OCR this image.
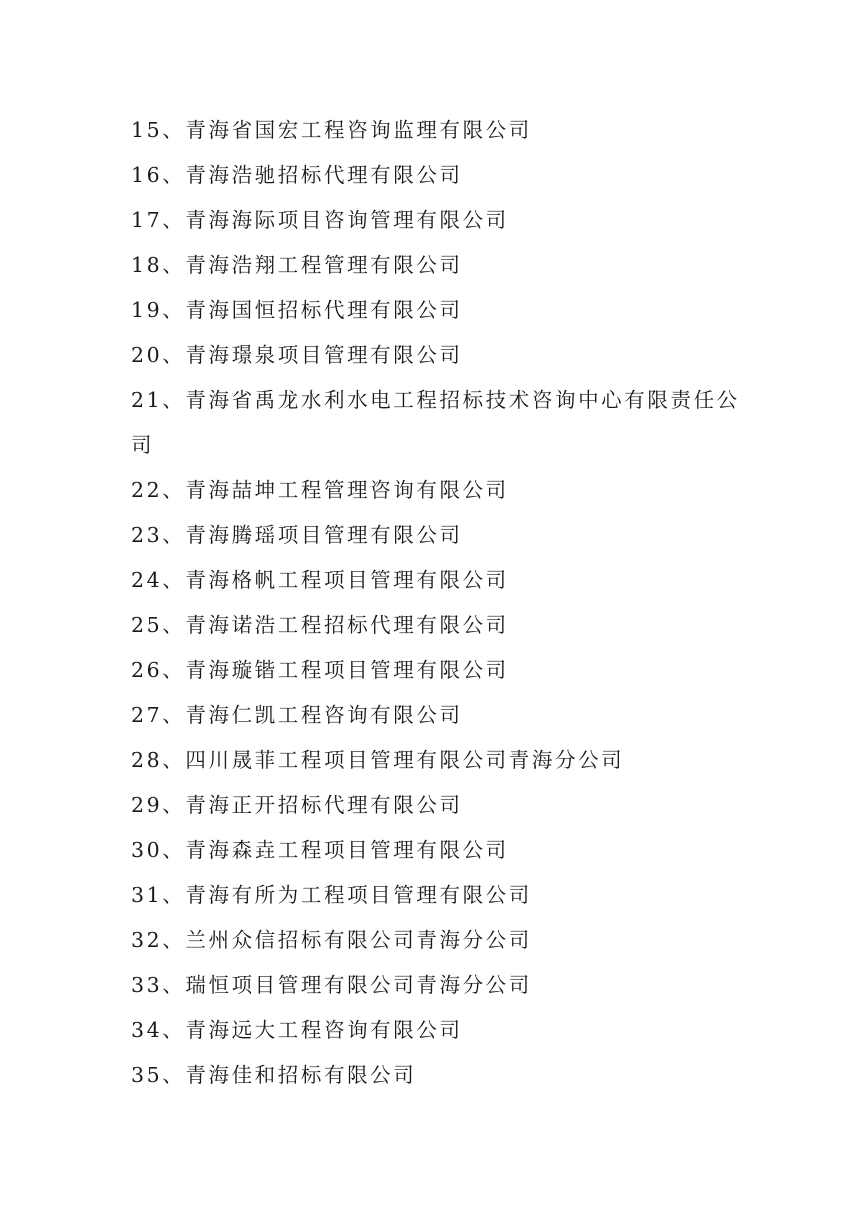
15、青海省国宏工程咨询监理有限公司
16、青海浩驰招标代理有限公司
17、青海海际项目咨询管理有限公司
18、青海浩翔工程管理有限公司
19、青海国恒招标代理有限公司
20、青海璟泉项目管理有限公司
21、青海省禹龙水利水电工程招标技术咨询中心有限责任公司
22、青海喆坤工程管理咨询有限公司
23、青海腾瑶项目管理有限公司
24、青海格帆工程项目管理有限公司
25、青海诺浩工程招标代理有限公司
26、青海璇锴工程项目管理有限公司
27、青海仁凯工程咨询有限公司
28、四川晟菲工程项目管理有限公司青海分公司
29、青海正开招标代理有限公司
30、青海森垚工程项目管理有限公司
31、青海有所为工程项目管理有限公司
32、兰州众信招标有限公司青海分公司
33、瑞恒项目管理有限公司青海分公司
34、青海远大工程咨询有限公司
35、青海佳和招标有限公司
